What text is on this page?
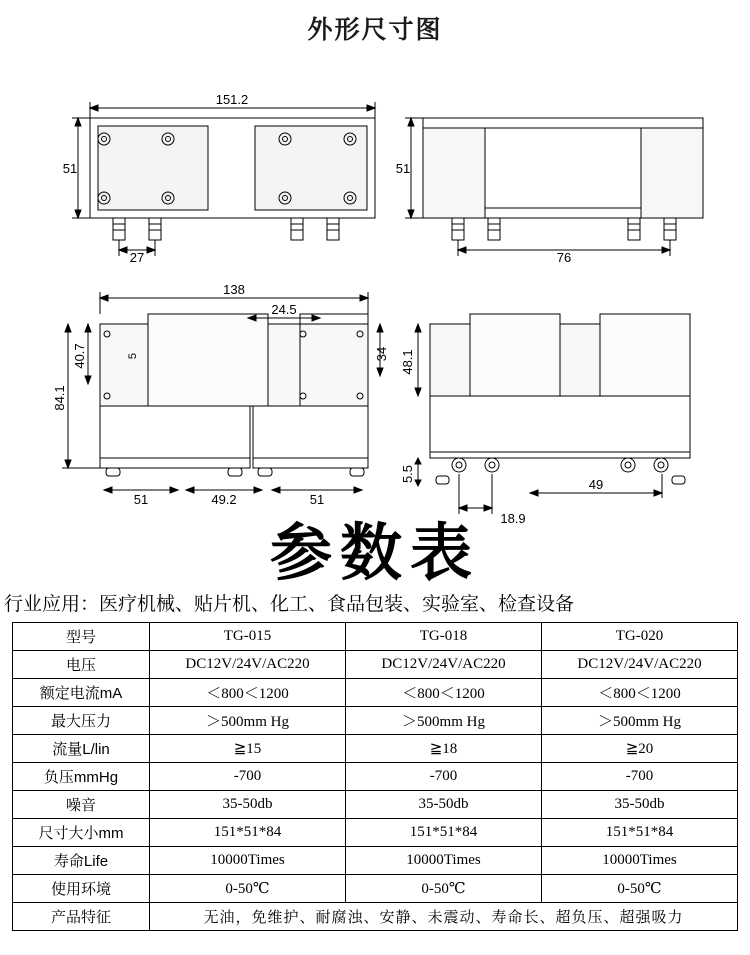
外形尺寸图
151.2
51
27
51
76
138
24.5
40.7
84.1
34
5
51	49.2	51
48.1
5.5
18.9
49
参数表
行业应用：医疗机械、贴片机、化工、食品包装、实验室、检查设备
型号	TG-015	TG-018	TG-020
电压	DC12V/24V/AC220	DC12V/24V/AC220	DC12V/24V/AC220
额定电流mA	＜800＜1200	＜800＜1200	＜800＜1200
最大压力	＞500mm Hg	＞500mm Hg	＞500mm Hg
流量L/lin	≧15	≧18	≧20
负压mmHg	-700	-700	-700
噪音	35-50db	35-50db	35-50db
尺寸大小mm	151*51*84	151*51*84	151*51*84
寿命Life	10000Times	10000Times	10000Times
使用环境	0-50℃	0-50℃	0-50℃
产品特征	无油，免维护、耐腐浊、安静、未震动、寿命长、超负压、超强吸力		
